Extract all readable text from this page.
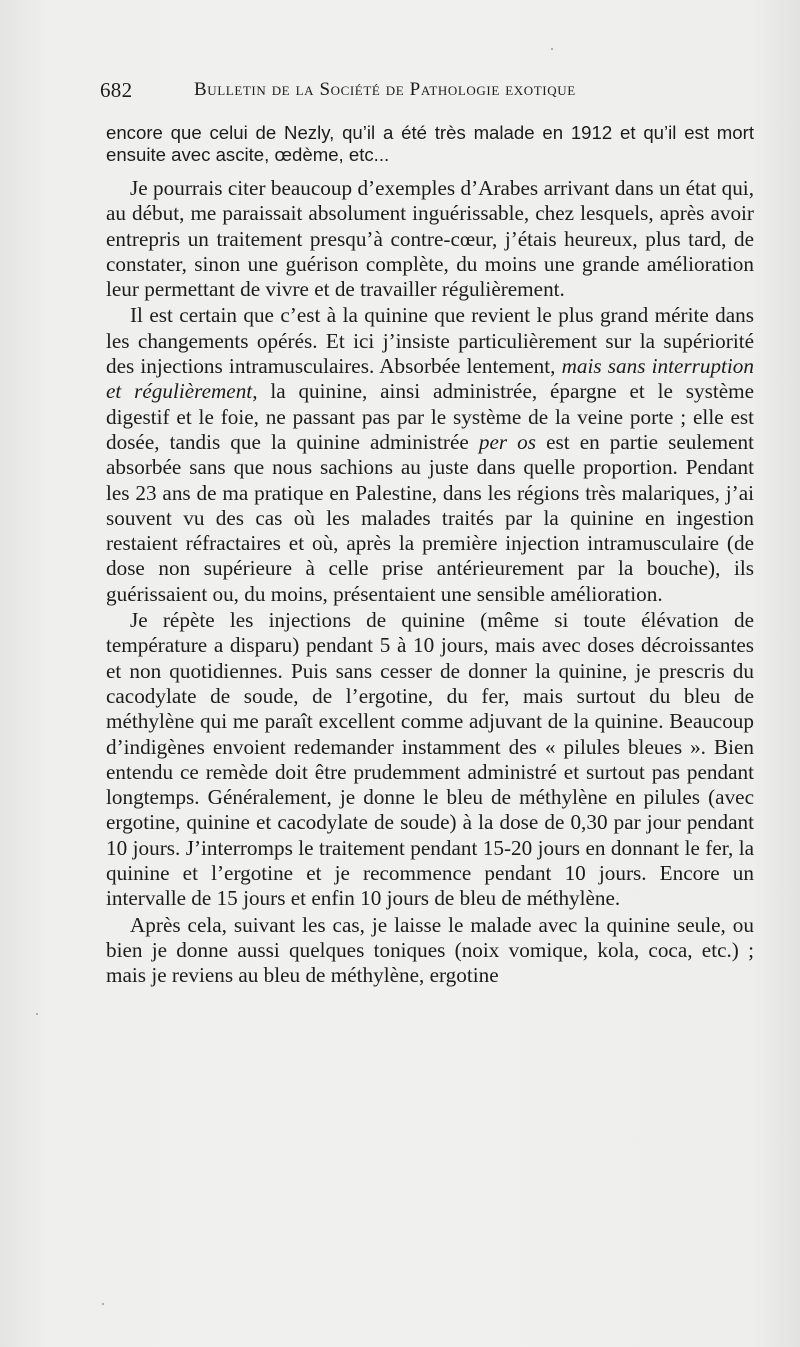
682	Bulletin de la Société de Pathologie exotique

encore que celui de Nezly, qu’il a été très malade en 1912 et qu’il est mort ensuite avec ascite, œdème, etc...

Je pourrais citer beaucoup d’exemples d’Arabes arrivant dans un état qui, au début, me paraissait absolument inguérissable, chez lesquels, après avoir entrepris un traitement presqu’à contre-cœur, j’étais heureux, plus tard, de constater, sinon une guérison complète, du moins une grande amélioration leur permettant de vivre et de travailler régulièrement.

Il est certain que c’est à la quinine que revient le plus grand mérite dans les changements opérés. Et ici j’insiste particulièrement sur la supériorité des injections intramusculaires. Absorbée lentement, mais sans interruption et régulièrement, la quinine, ainsi administrée, épargne et le système digestif et le foie, ne passant pas par le système de la veine porte ; elle est dosée, tandis que la quinine administrée per os est en partie seulement absorbée sans que nous sachions au juste dans quelle proportion. Pendant les 23 ans de ma pratique en Palestine, dans les régions très malariques, j’ai souvent vu des cas où les malades traités par la quinine en ingestion restaient réfractaires et où, après la première injection intramusculaire (de dose non supérieure à celle prise antérieurement par la bouche), ils guérissaient ou, du moins, présentaient une sensible amélioration.

Je répète les injections de quinine (même si toute élévation de température a disparu) pendant 5 à 10 jours, mais avec doses décroissantes et non quotidiennes. Puis sans cesser de donner la quinine, je prescris du cacodylate de soude, de l’ergotine, du fer, mais surtout du bleu de méthylène qui me paraît excellent comme adjuvant de la quinine. Beaucoup d’indigènes envoient redemander instamment des « pilules bleues ». Bien entendu ce remède doit être prudemment administré et surtout pas pendant longtemps. Généralement, je donne le bleu de méthylène en pilules (avec ergotine, quinine et cacodylate de soude) à la dose de 0,30 par jour pendant 10 jours. J’interromps le traitement pendant 15-20 jours en donnant le fer, la quinine et l’ergotine et je recommence pendant 10 jours. Encore un intervalle de 15 jours et enfin 10 jours de bleu de méthylène.

Après cela, suivant les cas, je laisse le malade avec la quinine seule, ou bien je donne aussi quelques toniques (noix vomique, kola, coca, etc.) ; mais je reviens au bleu de méthylène, ergotine
